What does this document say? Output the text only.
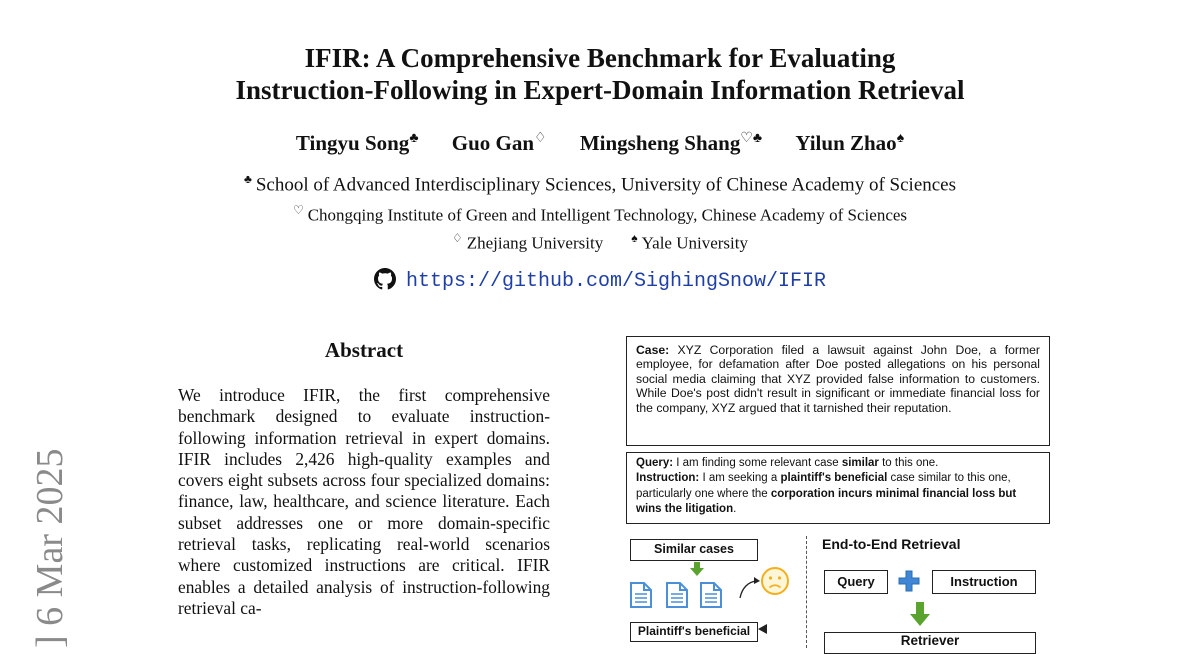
IFIR: A Comprehensive Benchmark for Evaluating
Instruction-Following in Expert-Domain Information Retrieval
Tingyu Song♣ Guo Gan♢ Mingsheng Shang♡♣ Yilun Zhao♠
♣ School of Advanced Interdisciplinary Sciences, University of Chinese Academy of Sciences
♡ Chongqing Institute of Green and Intelligent Technology, Chinese Academy of Sciences
♢ Zhejiang University ♠ Yale University
https://github.com/SighingSnow/IFIR
] 6 Mar 2025
Abstract
We introduce IFIR, the first comprehensive benchmark designed to evaluate instruction-following information retrieval in expert domains. IFIR includes 2,426 high-quality examples and covers eight subsets across four specialized domains: finance, law, healthcare, and science literature. Each subset addresses one or more domain-specific retrieval tasks, replicating real-world scenarios where customized instructions are critical. IFIR enables a detailed analysis of instruction-following retrieval ca-
Case: XYZ Corporation filed a lawsuit against John Doe, a former employee, for defamation after Doe posted allegations on his personal social media claiming that XYZ provided false information to customers. While Doe's post didn't result in significant or immediate financial loss for the company, XYZ argued that it tarnished their reputation.
Query: I am finding some relevant case similar to this one.
Instruction: I am seeking a plaintiff's beneficial case similar to this one, particularly one where the corporation incurs minimal financial loss but wins the litigation.
Similar cases
Plaintiff's beneficial
End-to-End Retrieval
Query	Instruction
Retriever
